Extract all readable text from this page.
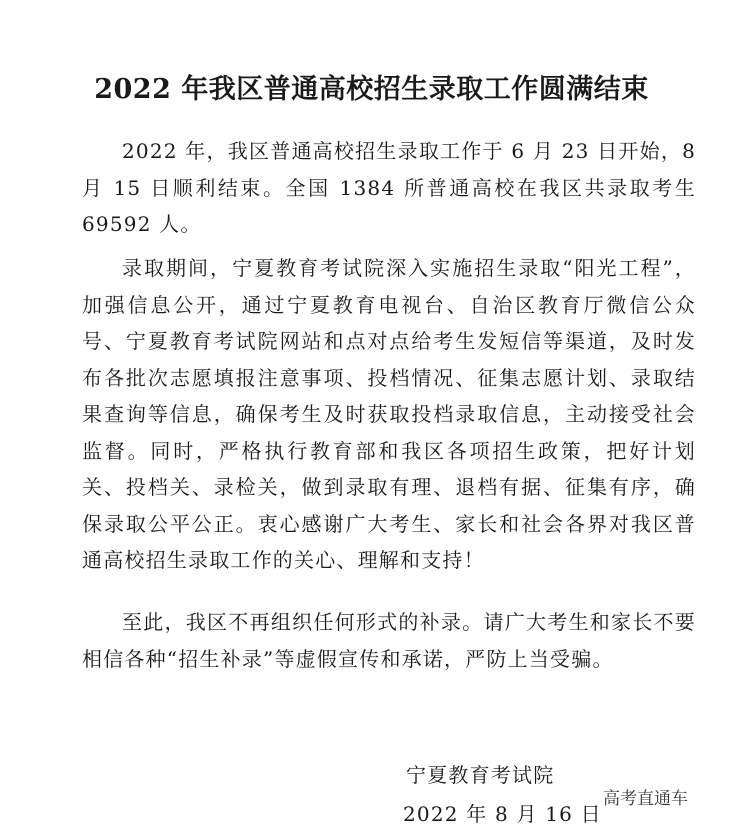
2022 年我区普通高校招生录取工作圆满结束

2022 年，我区普通高校招生录取工作于 6 月 23 日开始，8 月 15 日顺利结束。全国 1384 所普通高校在我区共录取考生 69592 人。

录取期间，宁夏教育考试院深入实施招生录取“阳光工程”，加强信息公开，通过宁夏教育电视台、自治区教育厅微信公众号、宁夏教育考试院网站和点对点给考生发短信等渠道，及时发布各批次志愿填报注意事项、投档情况、征集志愿计划、录取结果查询等信息，确保考生及时获取投档录取信息，主动接受社会监督。同时，严格执行教育部和我区各项招生政策，把好计划关、投档关、录检关，做到录取有理、退档有据、征集有序，确保录取公平公正。衷心感谢广大考生、家长和社会各界对我区普通高校招生录取工作的关心、理解和支持！

至此，我区不再组织任何形式的补录。请广大考生和家长不要相信各种“招生补录”等虚假宣传和承诺，严防上当受骗。

宁夏教育考试院
2022 年 8 月 16 日
高考直通车
